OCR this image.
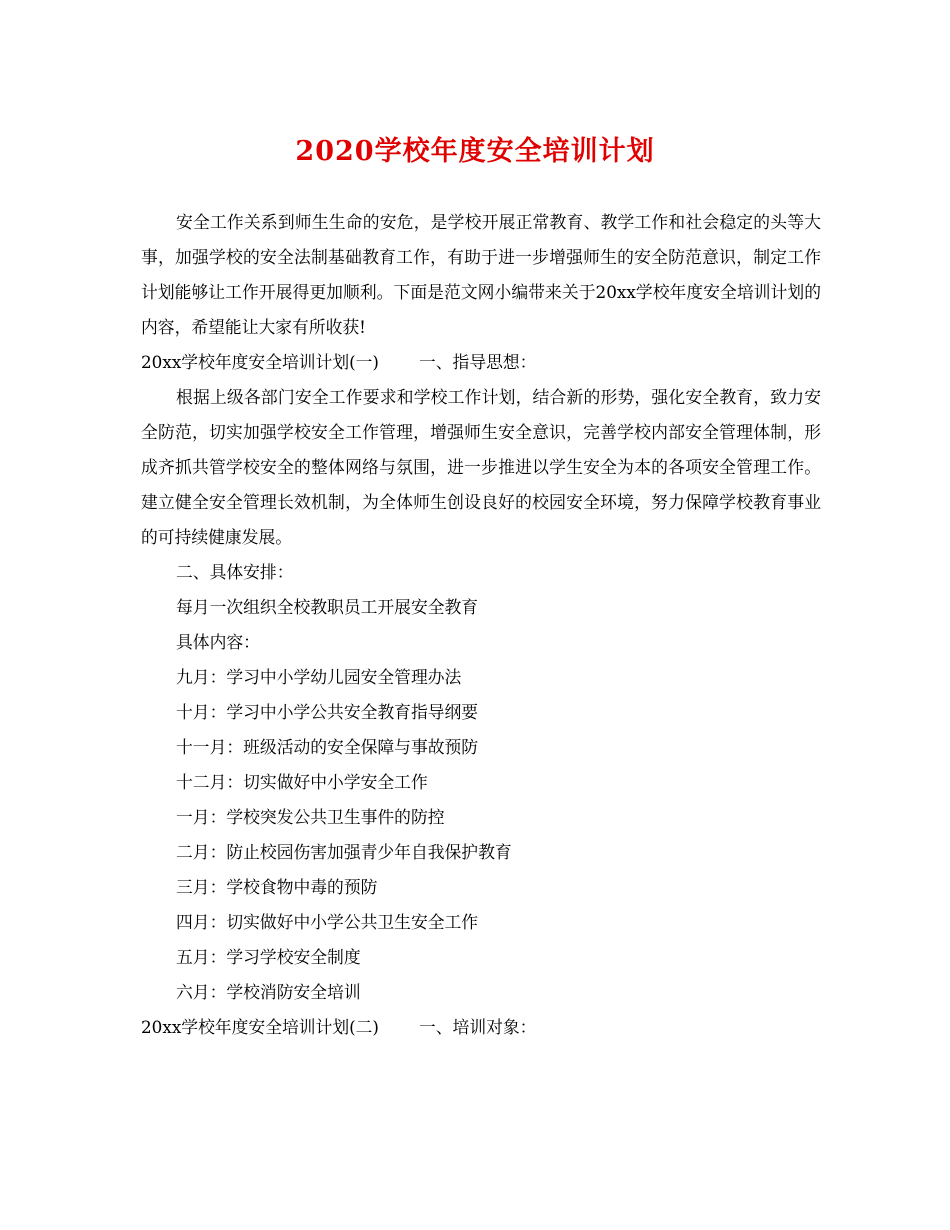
2020学校年度安全培训计划

安全工作关系到师生生命的安危，是学校开展正常教育、教学工作和社会稳定的头等大事，加强学校的安全法制基础教育工作，有助于进一步增强师生的安全防范意识，制定工作计划能够让工作开展得更加顺利。下面是范文网小编带来关于20xx学校年度安全培训计划的内容，希望能让大家有所收获!

20xx学校年度安全培训计划(一) 一、指导思想：

根据上级各部门安全工作要求和学校工作计划，结合新的形势，强化安全教育，致力安全防范，切实加强学校安全工作管理，增强师生安全意识，完善学校内部安全管理体制，形成齐抓共管学校安全的整体网络与氛围，进一步推进以学生安全为本的各项安全管理工作。建立健全安全管理长效机制，为全体师生创设良好的校园安全环境，努力保障学校教育事业的可持续健康发展。

二、具体安排：

每月一次组织全校教职员工开展安全教育

具体内容：

九月：学习中小学幼儿园安全管理办法

十月：学习中小学公共安全教育指导纲要

十一月：班级活动的安全保障与事故预防

十二月：切实做好中小学安全工作

一月：学校突发公共卫生事件的防控

二月：防止校园伤害加强青少年自我保护教育

三月：学校食物中毒的预防

四月：切实做好中小学公共卫生安全工作

五月：学习学校安全制度

六月：学校消防安全培训

20xx学校年度安全培训计划(二) 一、培训对象：
